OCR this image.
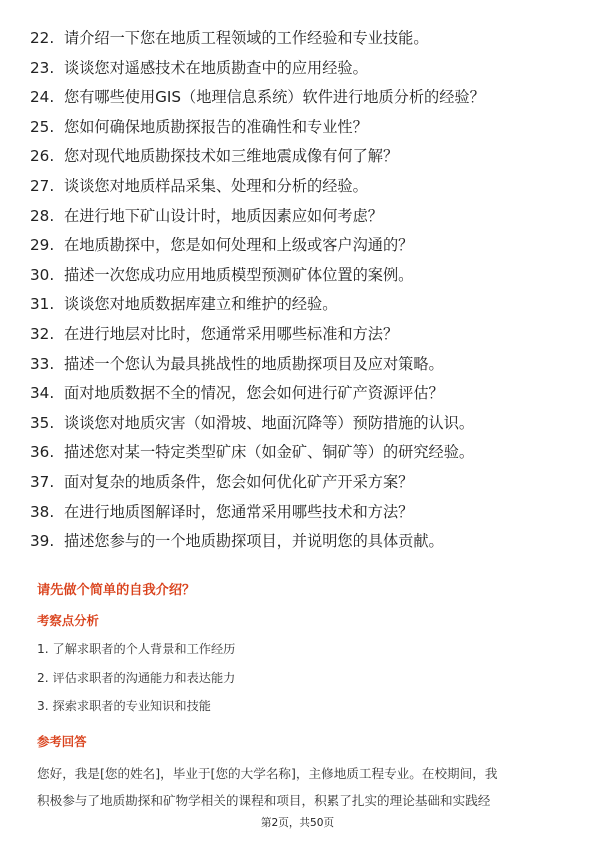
22. 请介绍一下您在地质工程领域的工作经验和专业技能。
23. 谈谈您对遥感技术在地质勘查中的应用经验。
24. 您有哪些使用GIS（地理信息系统）软件进行地质分析的经验？
25. 您如何确保地质勘探报告的准确性和专业性？
26. 您对现代地质勘探技术如三维地震成像有何了解？
27. 谈谈您对地质样品采集、处理和分析的经验。
28. 在进行地下矿山设计时，地质因素应如何考虑？
29. 在地质勘探中，您是如何处理和上级或客户沟通的？
30. 描述一次您成功应用地质模型预测矿体位置的案例。
31. 谈谈您对地质数据库建立和维护的经验。
32. 在进行地层对比时，您通常采用哪些标准和方法？
33. 描述一个您认为最具挑战性的地质勘探项目及应对策略。
34. 面对地质数据不全的情况，您会如何进行矿产资源评估？
35. 谈谈您对地质灾害（如滑坡、地面沉降等）预防措施的认识。
36. 描述您对某一特定类型矿床（如金矿、铜矿等）的研究经验。
37. 面对复杂的地质条件，您会如何优化矿产开采方案？
38. 在进行地质图解译时，您通常采用哪些技术和方法？
39. 描述您参与的一个地质勘探项目，并说明您的具体贡献。
请先做个简单的自我介绍？
考察点分析
1. 了解求职者的个人背景和工作经历
2. 评估求职者的沟通能力和表达能力
3. 探索求职者的专业知识和技能
参考回答
您好，我是[您的姓名]，毕业于[您的大学名称]，主修地质工程专业。在校期间，我
积极参与了地质勘探和矿物学相关的课程和项目，积累了扎实的理论基础和实践经
第2页，共50页
